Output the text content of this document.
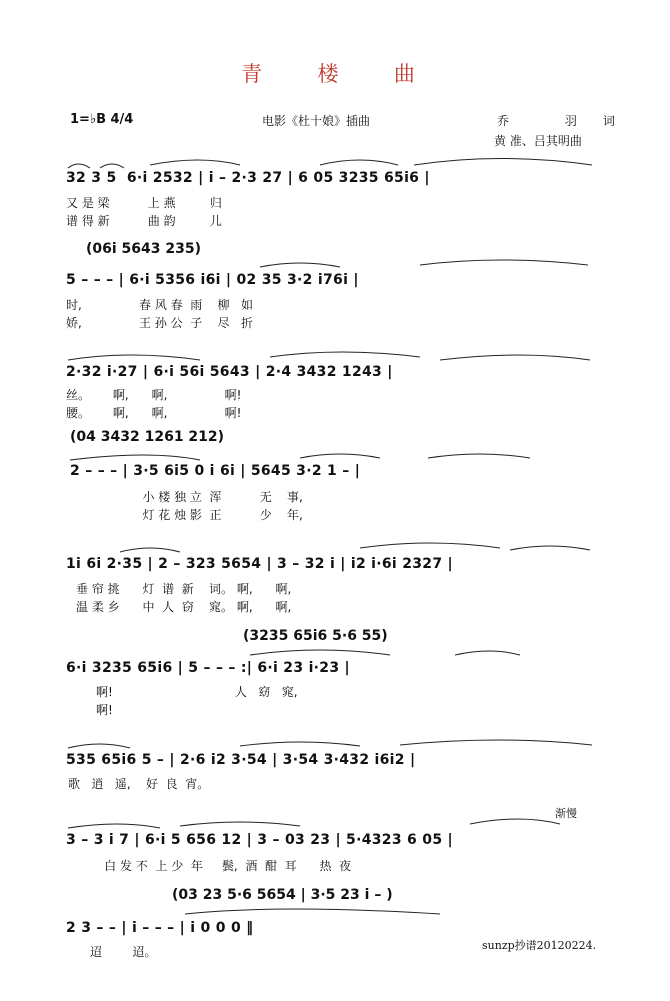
青  楼  曲
1=♭B 4/4	电影《杜十娘》插曲	乔 羽词
黄 准、吕其明曲
32 3 5  6·i 2532 | i – 2·3 27 | 6 05 3235 65i6 |
又 是 梁          上 燕         归
谱 得 新          曲 韵         儿
(06i 5643 235)
5 – – – | 6·i 5356 i6i | 02 35 3·2 i76i |
时,               春 风 春  雨    柳   如
娇,               王 孙 公  子    尽   折
2·32 i·27 | 6·i 56i 5643 | 2·4 3432 1243 |
丝。      啊,      啊,               啊!
腰。      啊,      啊,               啊!
(04 3432 1261 212)
2 – – – | 3·5 6i5 0 i 6i | 5645 3·2 1 – |
小 楼 独 立  浑          无    事,
灯 花 烛 影  正          少    年,
1i 6i 2·35 | 2 – 323 5654 | 3 – 32 i | i2 i·6i 2327 |
垂 帘 挑      灯  谱  新    词。 啊,      啊,
温 柔 乡      中  人  窃    窕。 啊,      啊,
(3235 65i6 5·6 55)
6·i 3235 65i6 | 5 – – – :| 6·i 23 i·23 |
啊!                                人   窈   窕,
啊!
535 65i6 5 – | 2·6 i2 3·54 | 3·54 3·432 i6i2 |
歌   逍   遥,    好  良  宵。
渐慢
3 – 3 i 7 | 6·i 5 656 12 | 3 – 03 23 | 5·4323 6 05 |
白 发 不  上 少  年     鬓,  酒  酣  耳      热  夜
(03 23 5·6 5654 | 3·5 23 i – )
2 3 – – | i – – – | i 0 0 0 ‖
迢        迢。	sunzp抄谱20120224.
